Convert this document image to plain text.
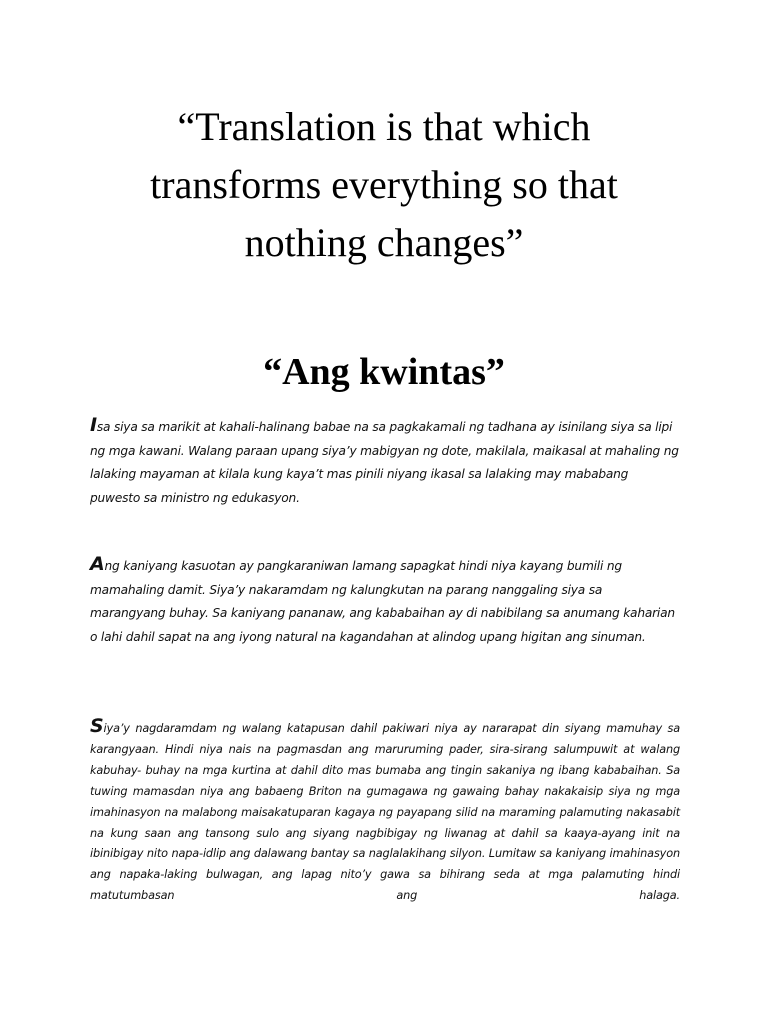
“Translation is that which
transforms everything so that
nothing changes”
“Ang kwintas”

Isa siya sa marikit at kahali-halinang babae na sa pagkakamali ng tadhana ay isinilang siya sa lipi ng mga kawani. Walang paraan upang siya’y mabigyan ng dote, makilala, maikasal at mahaling ng lalaking mayaman at kilala kung kaya’t mas pinili niyang ikasal sa lalaking may mababang puwesto sa ministro ng edukasyon.

Ang kaniyang kasuotan ay pangkaraniwan lamang sapagkat hindi niya kayang bumili ng mamahaling damit. Siya’y nakaramdam ng kalungkutan na parang nanggaling siya sa marangyang buhay. Sa kaniyang pananaw, ang kababaihan ay di nabibilang sa anumang kaharian o lahi dahil sapat na ang iyong natural na kagandahan at alindog upang higitan ang sinuman.

Siya’y nagdaramdam ng walang katapusan dahil pakiwari niya ay nararapat din siyang mamuhay sa karangyaan. Hindi niya nais na pagmasdan ang maruruming pader, sira-sirang salumpuwit at walang kabuhay- buhay na mga kurtina at dahil dito mas bumaba ang tingin sakaniya ng ibang kababaihan. Sa tuwing mamasdan niya ang babaeng Briton na gumagawa ng gawaing bahay nakakaisip siya ng mga imahinasyon na malabong maisakatuparan kagaya ng payapang silid na maraming palamuting nakasabit na kung saan ang tansong sulo ang siyang nagbibigay ng liwanag at dahil sa kaaya-ayang init na ibinibigay nito napa-idlip ang dalawang bantay sa naglalakihang silyon. Lumitaw sa kaniyang imahinasyon ang napaka-laking bulwagan, ang lapag nito’y gawa sa bihirang seda at mga palamuting hindi matutumbasan ang halaga.
